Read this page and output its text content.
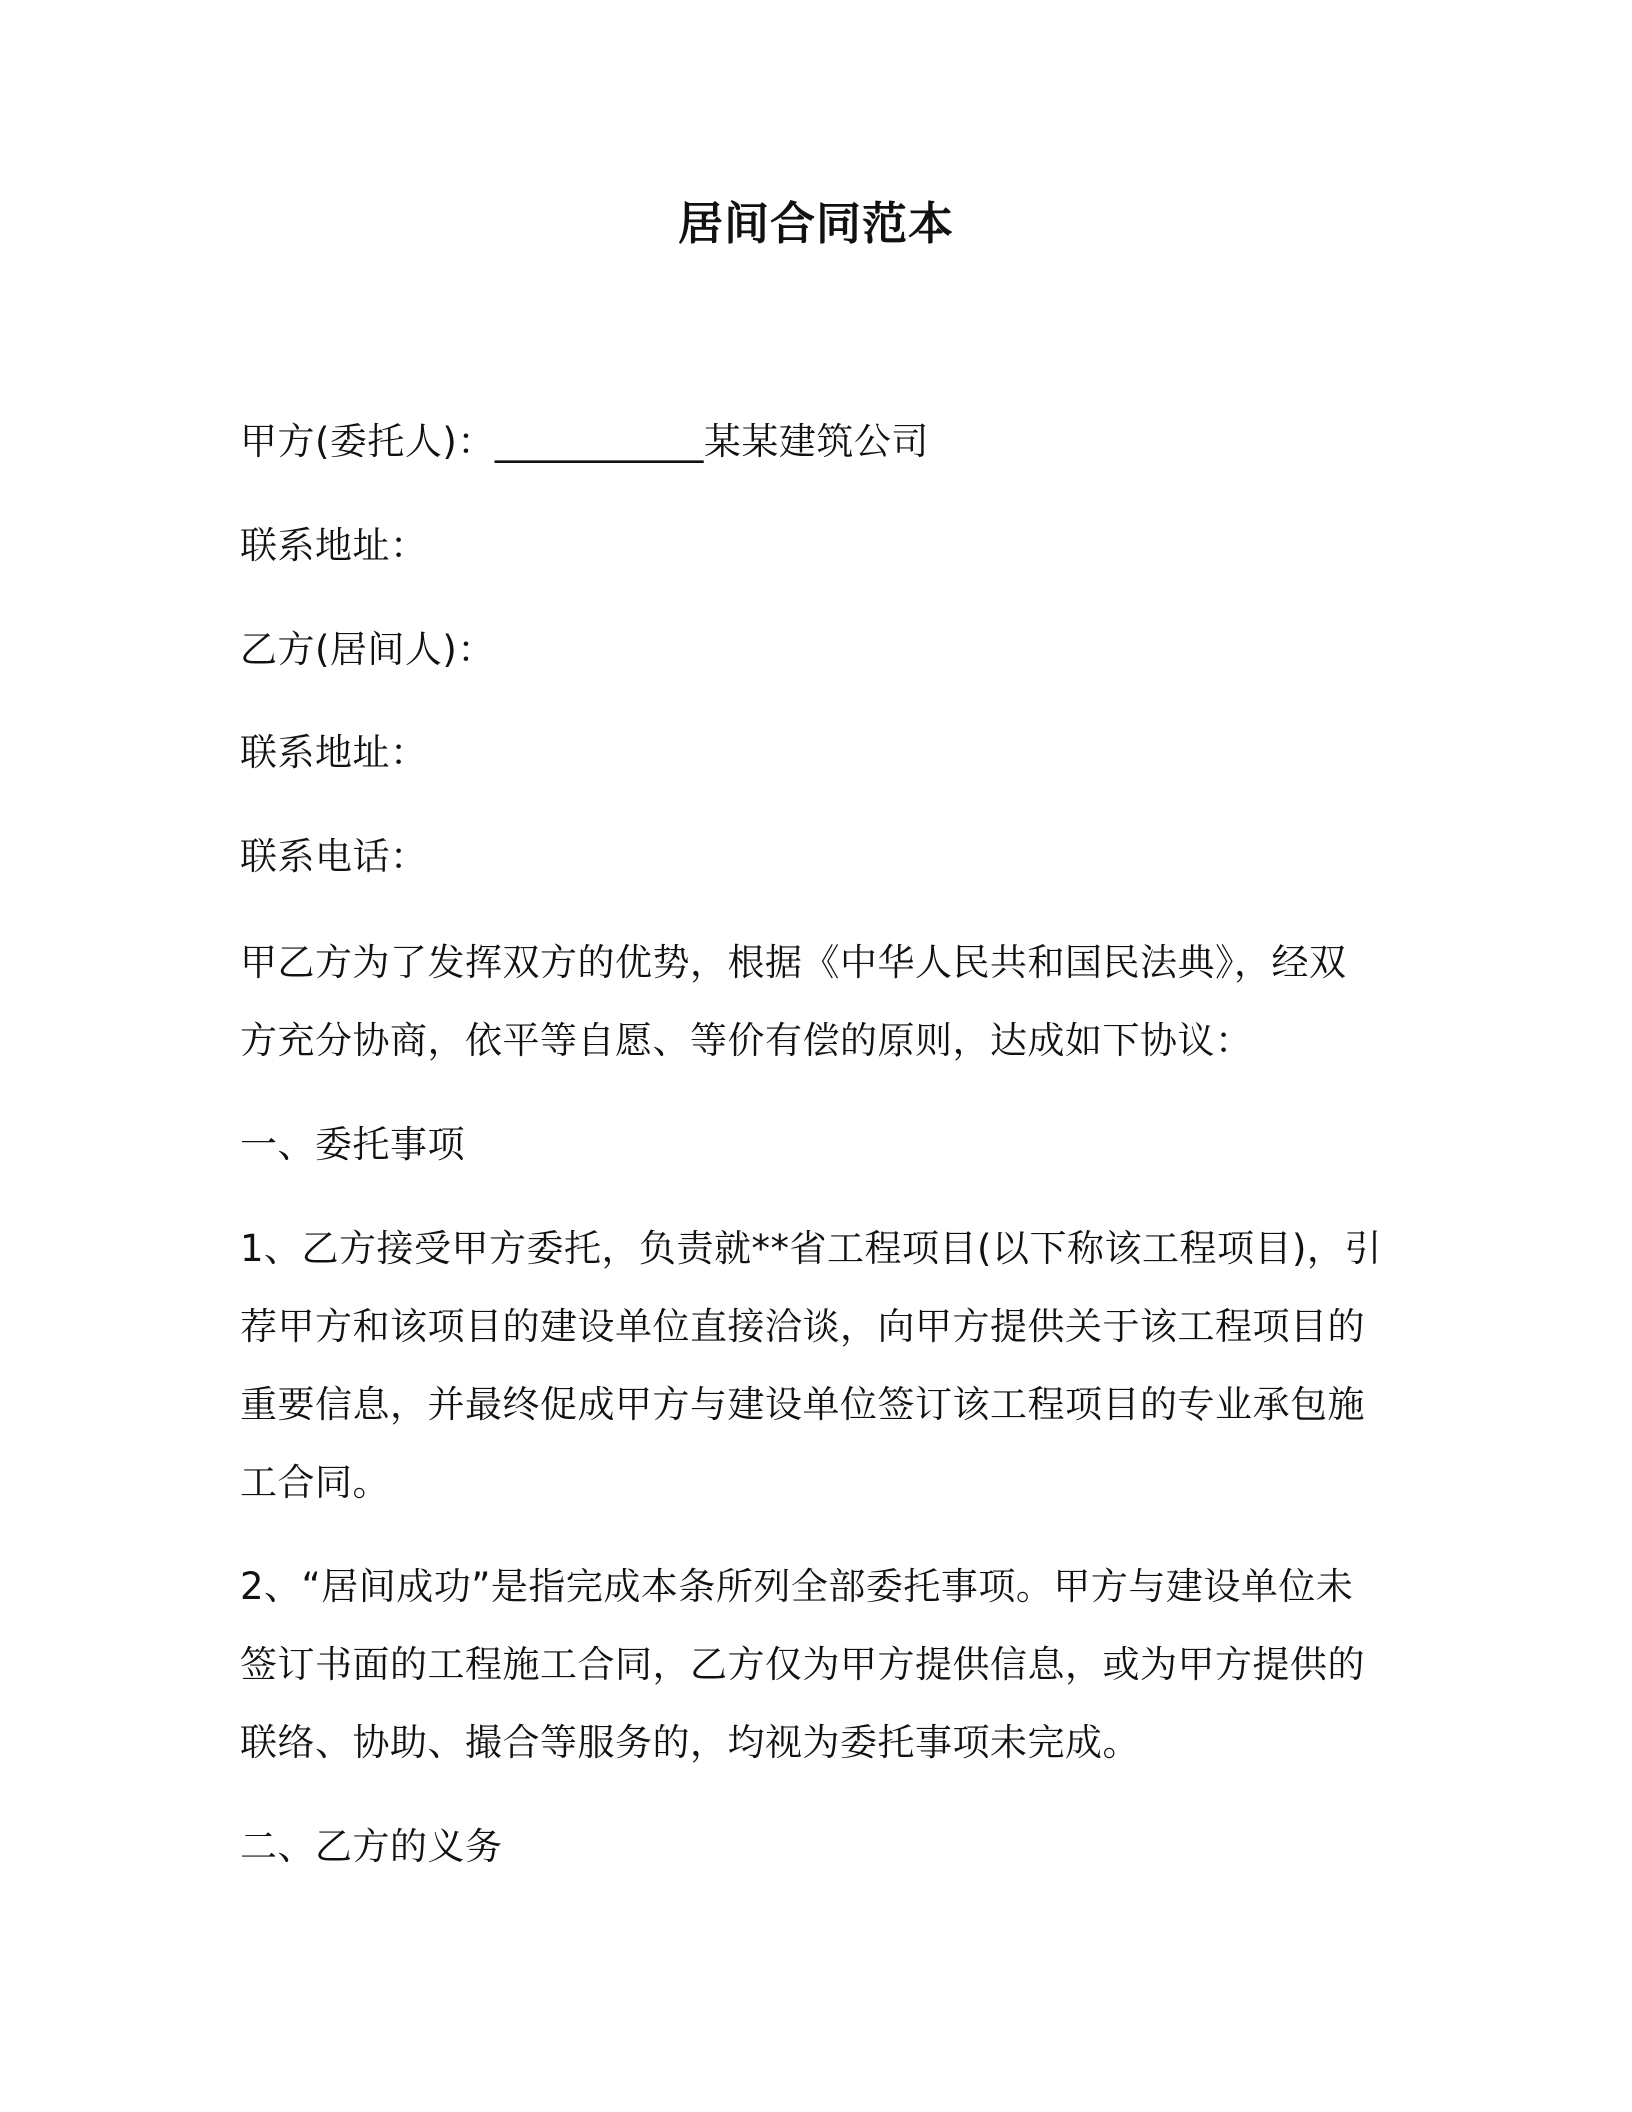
居间合同范本
甲方(委托人)：___________某某建筑公司
联系地址：
乙方(居间人)：
联系地址：
联系电话：
甲乙方为了发挥双方的优势，根据《中华人民共和国民法典》，经双
方充分协商，依平等自愿、等价有偿的原则，达成如下协议：
一、委托事项
1、乙方接受甲方委托，负责就**省工程项目(以下称该工程项目)，引
荐甲方和该项目的建设单位直接洽谈，向甲方提供关于该工程项目的
重要信息，并最终促成甲方与建设单位签订该工程项目的专业承包施
工合同。
2、“居间成功”是指完成本条所列全部委托事项。甲方与建设单位未
签订书面的工程施工合同，乙方仅为甲方提供信息，或为甲方提供的
联络、协助、撮合等服务的，均视为委托事项未完成。
二、乙方的义务
